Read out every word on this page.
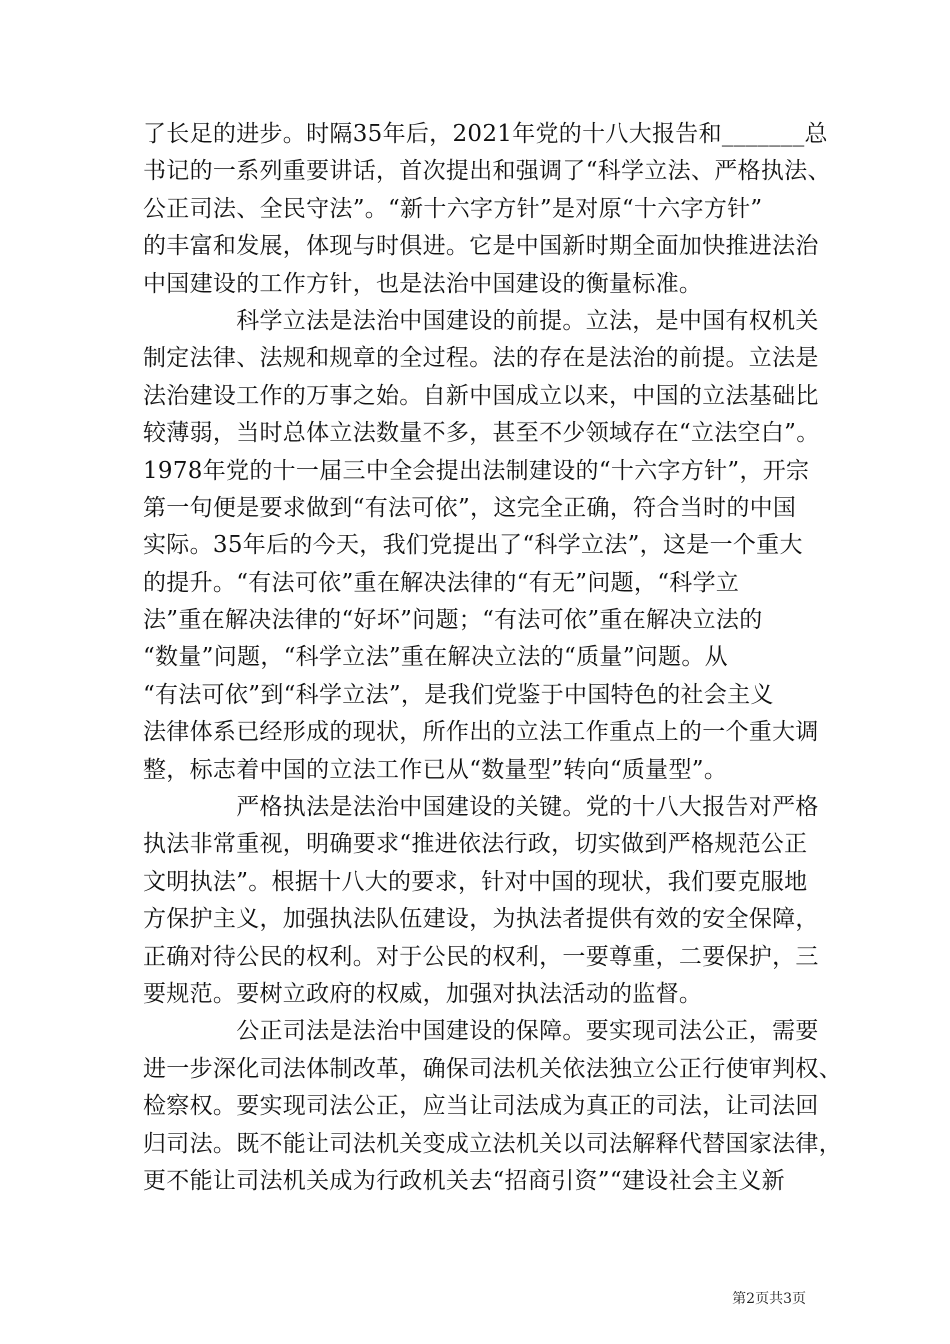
了长足的进步。时隔35年后，2021年党的十八大报告和_______总
书记的一系列重要讲话，首次提出和强调了“科学立法、严格执法、
公正司法、全民守法”。“新十六字方针”是对原“十六字方针”
的丰富和发展，体现与时俱进。它是中国新时期全面加快推进法治
中国建设的工作方针，也是法治中国建设的衡量标准。
　　　　科学立法是法治中国建设的前提。立法，是中国有权机关
制定法律、法规和规章的全过程。法的存在是法治的前提。立法是
法治建设工作的万事之始。自新中国成立以来，中国的立法基础比
较薄弱，当时总体立法数量不多，甚至不少领域存在“立法空白”。
1978年党的十一届三中全会提出法制建设的“十六字方针”，开宗
第一句便是要求做到“有法可依”，这完全正确，符合当时的中国
实际。35年后的今天，我们党提出了“科学立法”，这是一个重大
的提升。“有法可依”重在解决法律的“有无”问题，“科学立
法”重在解决法律的“好坏”问题；“有法可依”重在解决立法的
“数量”问题，“科学立法”重在解决立法的“质量”问题。从
“有法可依”到“科学立法”，是我们党鉴于中国特色的社会主义
法律体系已经形成的现状，所作出的立法工作重点上的一个重大调
整，标志着中国的立法工作已从“数量型”转向“质量型”。
　　　　严格执法是法治中国建设的关键。党的十八大报告对严格
执法非常重视，明确要求“推进依法行政，切实做到严格规范公正
文明执法”。根据十八大的要求，针对中国的现状，我们要克服地
方保护主义，加强执法队伍建设，为执法者提供有效的安全保障，
正确对待公民的权利。对于公民的权利，一要尊重，二要保护，三
要规范。要树立政府的权威，加强对执法活动的监督。
　　　　公正司法是法治中国建设的保障。要实现司法公正，需要
进一步深化司法体制改革，确保司法机关依法独立公正行使审判权、
检察权。要实现司法公正，应当让司法成为真正的司法，让司法回
归司法。既不能让司法机关变成立法机关以司法解释代替国家法律，
更不能让司法机关成为行政机关去“招商引资”“建设社会主义新
第2页共3页
